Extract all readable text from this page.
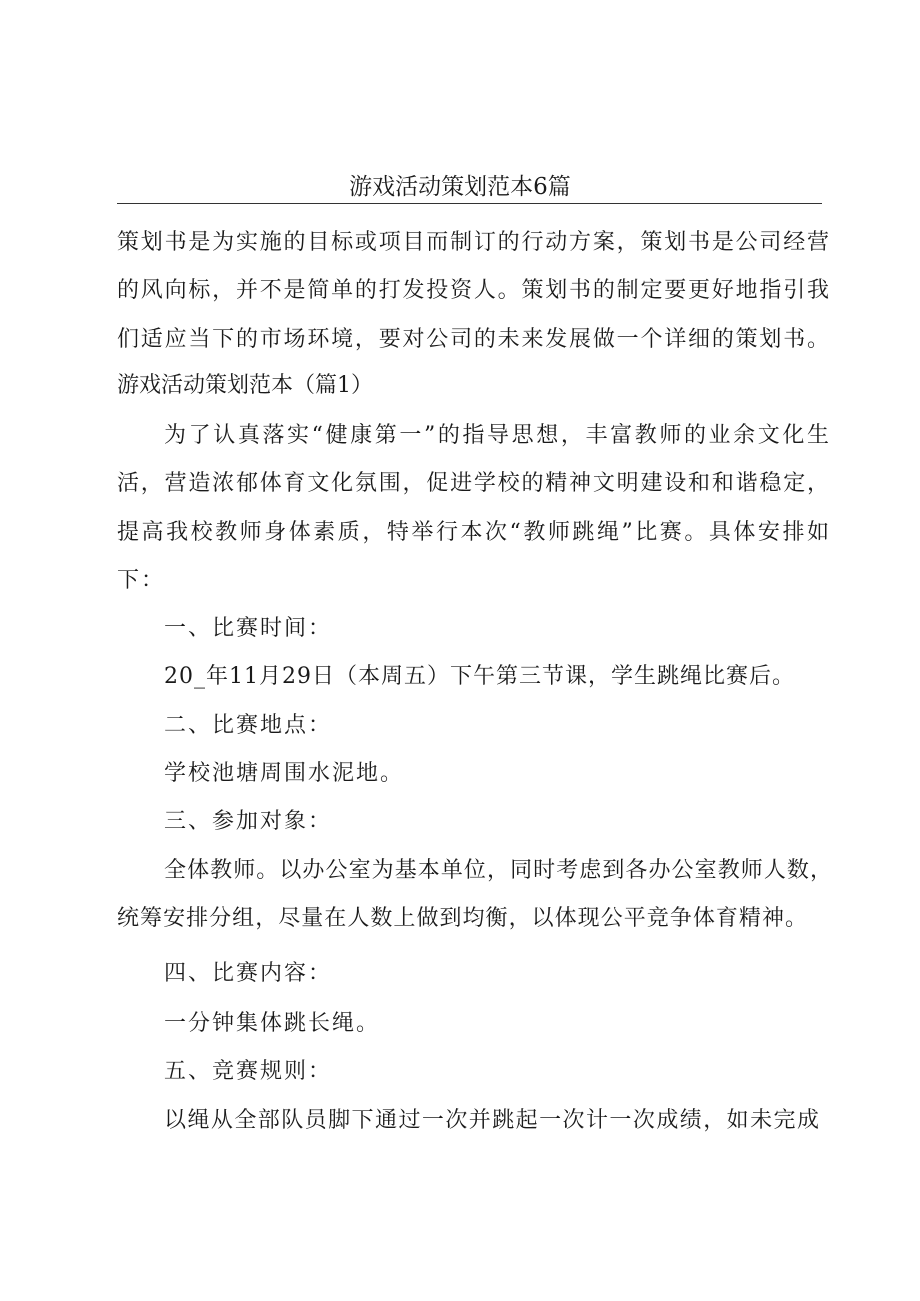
游戏活动策划范本6篇
策划书是为实施的目标或项目而制订的行动方案，策划书是公司经营
的风向标，并不是简单的打发投资人。策划书的制定要更好地指引我
们适应当下的市场环境，要对公司的未来发展做一个详细的策划书。
游戏活动策划范本（篇1）
为了认真落实“健康第一”的指导思想，丰富教师的业余文化生
活，营造浓郁体育文化氛围，促进学校的精神文明建设和和谐稳定，
提高我校教师身体素质，特举行本次“教师跳绳”比赛。具体安排如
下：
一、比赛时间：
20_年11月29日（本周五）下午第三节课，学生跳绳比赛后。
二、比赛地点：
学校池塘周围水泥地。
三、参加对象：
全体教师。以办公室为基本单位，同时考虑到各办公室教师人数，
统筹安排分组，尽量在人数上做到均衡，以体现公平竞争体育精神。
四、比赛内容：
一分钟集体跳长绳。
五、竞赛规则：
以绳从全部队员脚下通过一次并跳起一次计一次成绩，如未完成
